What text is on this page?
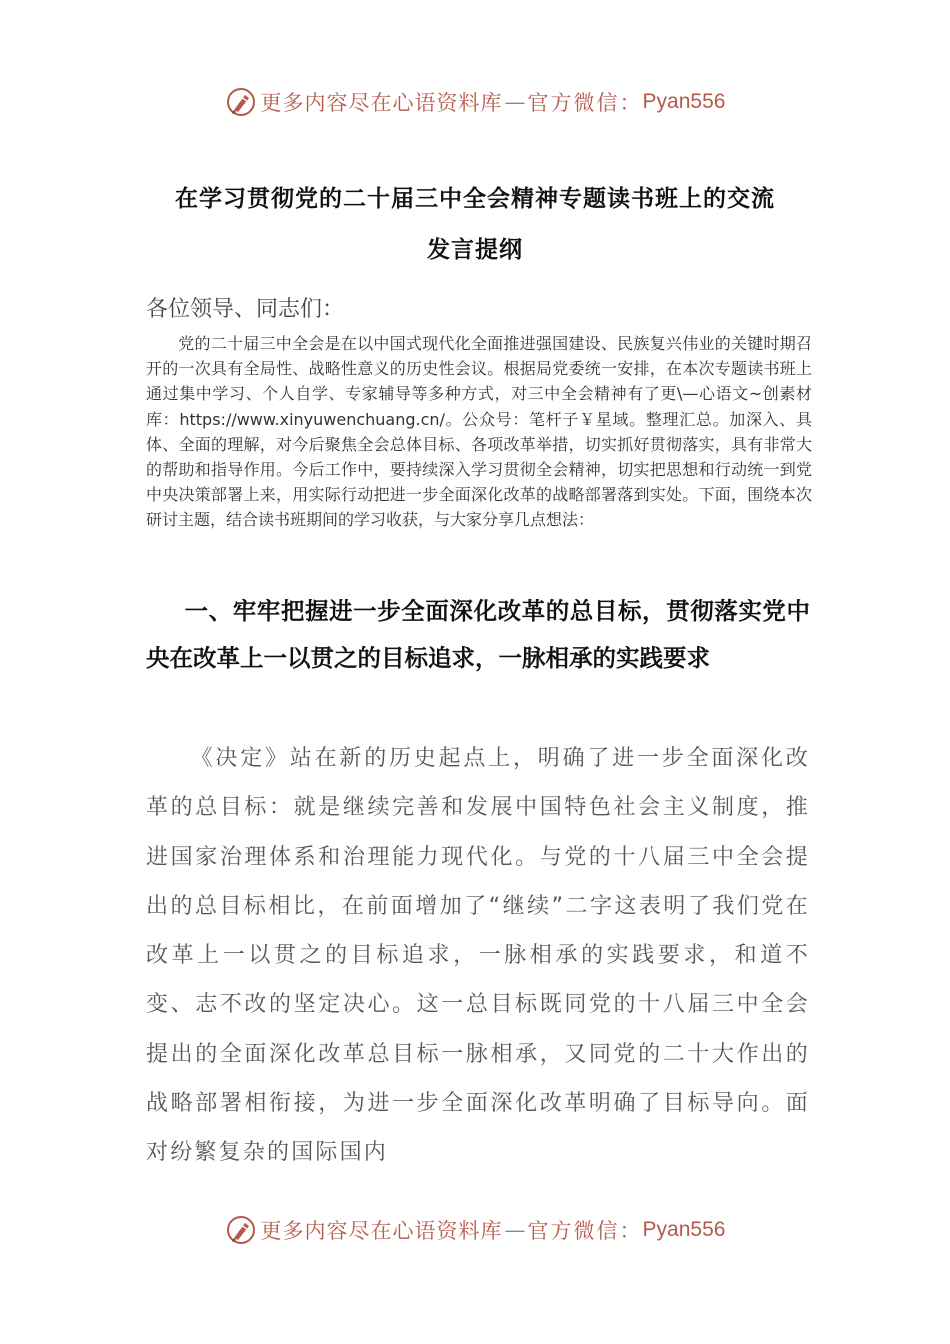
更多内容尽在心语资料库 — 官方微信： Pyan556
在学习贯彻党的二十届三中全会精神专题读书班上的交流
发言提纲
各位领导、同志们：

党的二十届三中全会是在以中国式现代化全面推进强国建设、民族复兴伟业的关键时期召开的一次具有全局性、战略性意义的历史性会议。根据局党委统一安排，在本次专题读书班上通过集中学习、个人自学、专家辅导等多种方式，对三中全会精神有了更\—心语文~创素材库：https://www.xinyuwenchuang.cn/。公众号：笔杆子￥星域。整理汇总。加深入、具体、全面的理解，对今后聚焦全会总体目标、各项改革举措，切实抓好贯彻落实，具有非常大的帮助和指导作用。今后工作中，要持续深入学习贯彻全会精神，切实把思想和行动统一到党中央决策部署上来，用实际行动把进一步全面深化改革的战略部署落到实处。下面，围绕本次研讨主题，结合读书班期间的学习收获，与大家分享几点想法：

一、牢牢把握进一步全面深化改革的总目标，贯彻落实党中央在改革上一以贯之的目标追求，一脉相承的实践要求

《决定》站在新的历史起点上，明确了进一步全面深化改革的总目标：就是继续完善和发展中国特色社会主义制度，推进国家治理体系和治理能力现代化。与党的十八届三中全会提出的总目标相比，在前面增加了“继续”二字这表明了我们党在改革上一以贯之的目标追求，一脉相承的实践要求，和道不变、志不改的坚定决心。这一总目标既同党的十八届三中全会提出的全面深化改革总目标一脉相承，又同党的二十大作出的战略部署相衔接，为进一步全面深化改革明确了目标导向。面对纷繁复杂的国际国内

更多内容尽在心语资料库 — 官方微信： Pyan556
